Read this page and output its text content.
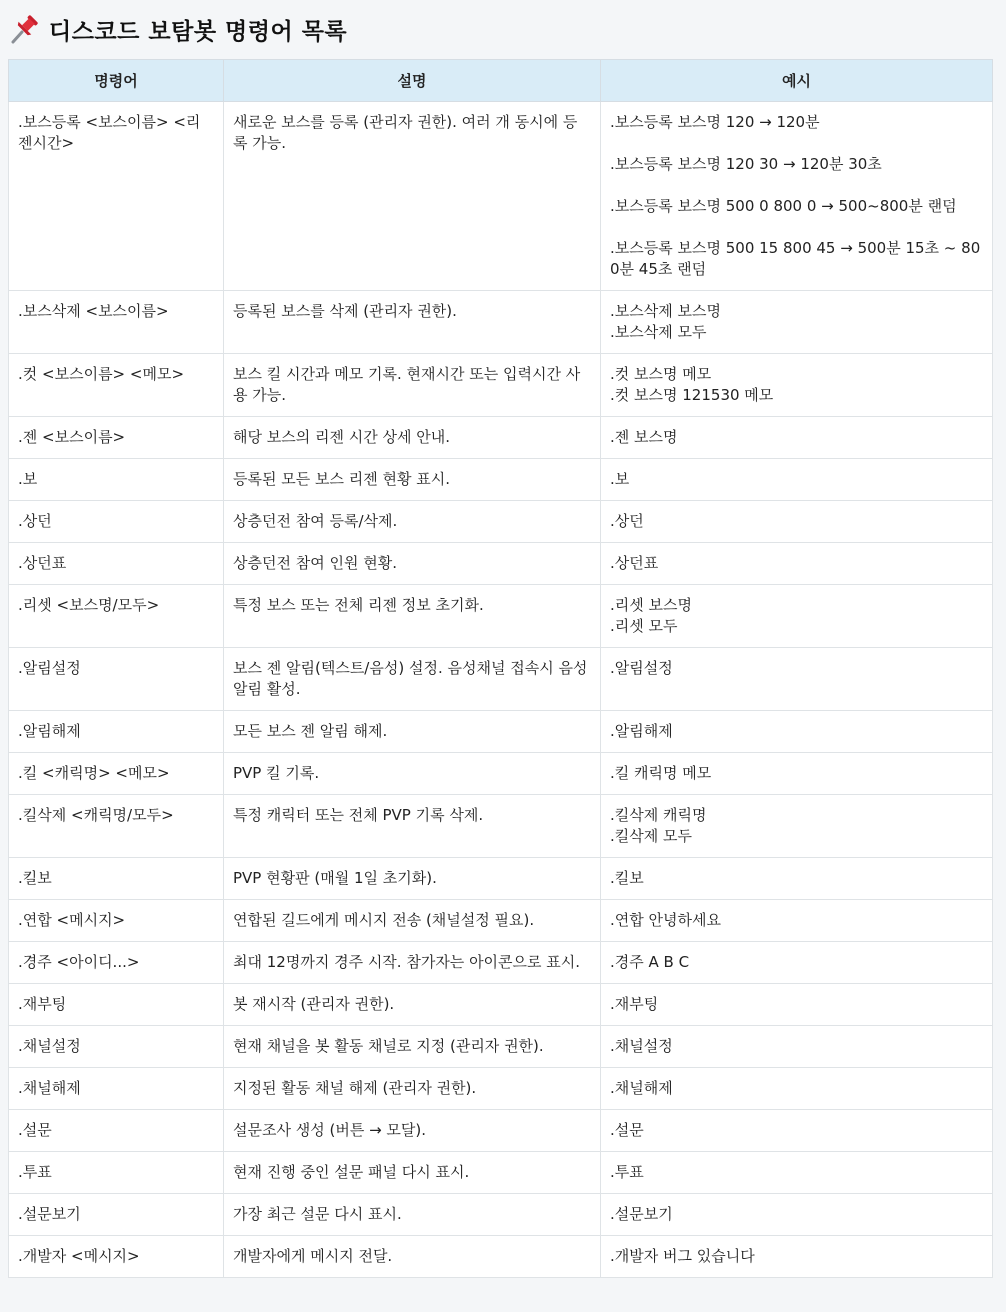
디스코드 보탐봇 명령어 목록
명령어	설명	예시
.보스등록 <보스이름> <리젠시간>	새로운 보스를 등록 (관리자 권한). 여러 개 동시에 등록 가능.	.보스등록 보스명 120 → 120분
.보스등록 보스명 120 30 → 120분 30초
.보스등록 보스명 500 0 800 0 → 500~800분 랜덤
.보스등록 보스명 500 15 800 45 → 500분 15초 ~ 800분 45초 랜덤

.보스삭제 <보스이름>	등록된 보스를 삭제 (관리자 권한).	.보스삭제 보스명
.보스삭제 모두

.컷 <보스이름> <메모>	보스 킬 시간과 메모 기록. 현재시간 또는 입력시간 사용 가능.	.컷 보스명 메모
.컷 보스명 121530 메모

.젠 <보스이름>	해당 보스의 리젠 시간 상세 안내.	.젠 보스명

.보	등록된 모든 보스 리젠 현황 표시.	.보

.상던	상층던전 참여 등록/삭제.	.상던

.상던표	상층던전 참여 인원 현황.	.상던표

.리셋 <보스명/모두>	특정 보스 또는 전체 리젠 정보 초기화.	.리셋 보스명
.리셋 모두

.알림설정	보스 젠 알림(텍스트/음성) 설정. 음성채널 접속시 음성 알림 활성.	.알림설정

.알림해제	모든 보스 젠 알림 해제.	.알림해제

.킬 <캐릭명> <메모>	PVP 킬 기록.	.킬 캐릭명 메모

.킬삭제 <캐릭명/모두>	특정 캐릭터 또는 전체 PVP 기록 삭제.	.킬삭제 캐릭명
.킬삭제 모두

.킬보	PVP 현황판 (매월 1일 초기화).	.킬보

.연합 <메시지>	연합된 길드에게 메시지 전송 (채널설정 필요).	.연합 안녕하세요

.경주 <아이디...>	최대 12명까지 경주 시작. 참가자는 아이콘으로 표시.	.경주 A B C

.재부팅	봇 재시작 (관리자 권한).	.재부팅

.채널설정	현재 채널을 봇 활동 채널로 지정 (관리자 권한).	.채널설정

.채널해제	지정된 활동 채널 해제 (관리자 권한).	.채널해제

.설문	설문조사 생성 (버튼 → 모달).	.설문

.투표	현재 진행 중인 설문 패널 다시 표시.	.투표

.설문보기	가장 최근 설문 다시 표시.	.설문보기

.개발자 <메시지>	개발자에게 메시지 전달.	.개발자 버그 있습니다
